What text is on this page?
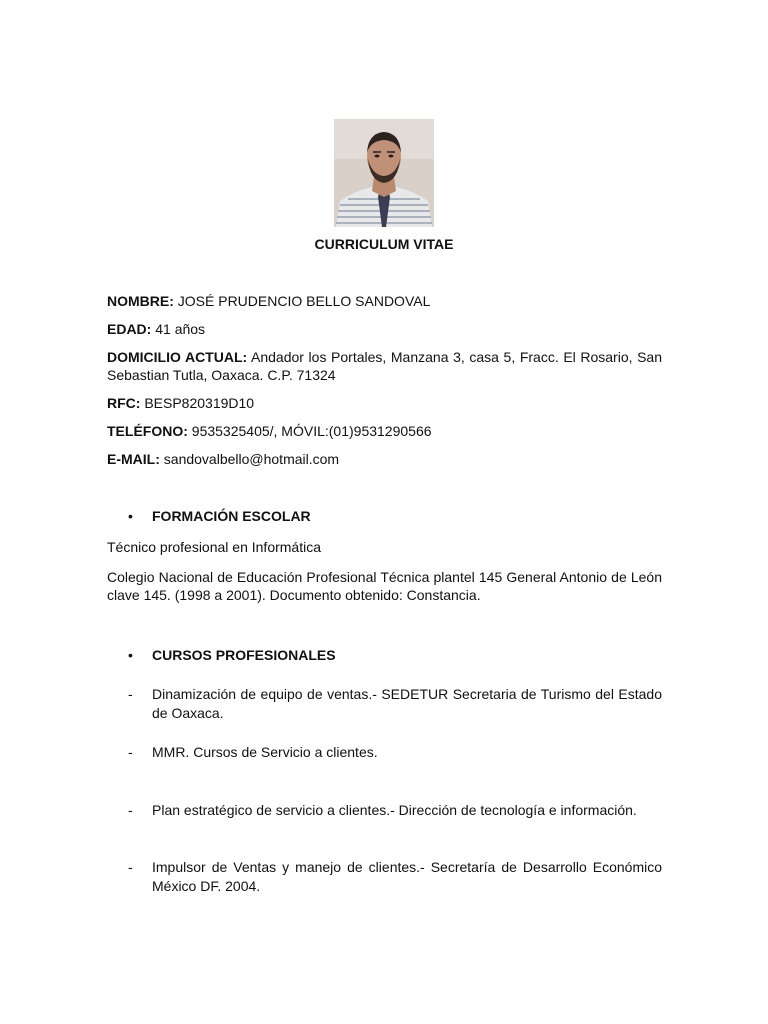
CURRICULUM VITAE
NOMBRE: JOSÉ PRUDENCIO BELLO SANDOVAL
EDAD: 41 años
DOMICILIO ACTUAL: Andador los Portales, Manzana 3, casa 5, Fracc. El Rosario, San Sebastian Tutla, Oaxaca. C.P. 71324
RFC: BESP820319D10
TELÉFONO: 9535325405/, MÓVIL:(01)9531290566
E-MAIL: sandovalbello@hotmail.com
• FORMACIÓN ESCOLAR
Técnico profesional en Informática
Colegio Nacional de Educación Profesional Técnica plantel 145 General Antonio de León clave 145. (1998 a 2001). Documento obtenido: Constancia.
• CURSOS PROFESIONALES
- Dinamización de equipo de ventas.- SEDETUR Secretaria de Turismo del Estado de Oaxaca.
- MMR. Cursos de Servicio a clientes.
- Plan estratégico de servicio a clientes.- Dirección de tecnología e información.
- Impulsor de Ventas y manejo de clientes.- Secretaría de Desarrollo Económico México DF. 2004.
